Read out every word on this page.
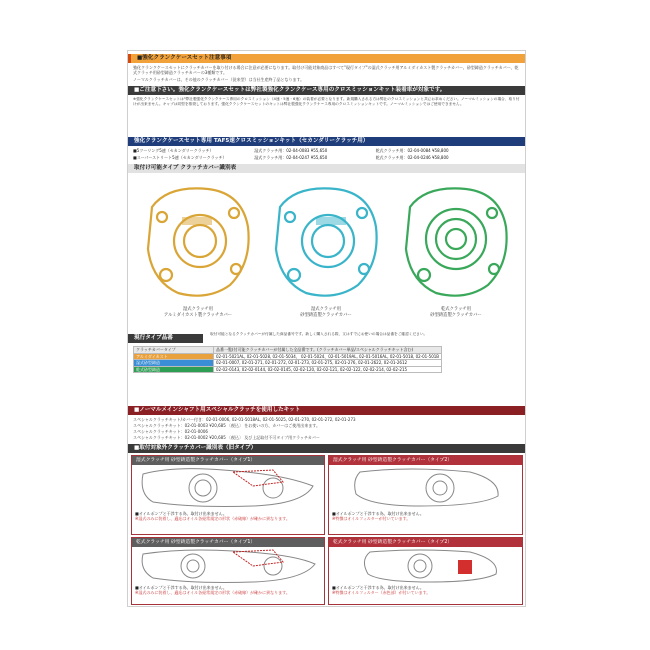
■強化クランクケースセット注意事項
強化クランクケースセットにクラッチカバーを取り付ける場合に注意が必要になります。取付け可能対象商品はすべて"現行タイプ"の湿式クラッチ用アルミダイカスト製クラッチカバー、砂型鋳造クラッチカバー、乾式クラッチ用砂型鋳造クラッチカバーの3種類です。
ノーマルクラッチカバーは、その他のクラッチカバー（従来型）は当社生産終了品となります。
■ご注意下さい。強化クランクケースセットは弊社製強化クランクケース専用のクロスミッションキット装着車が対象です。
※強化クランクケースセットは"弊社製強化クランクケース専用のクロスミッション（4速・5速・6速）の装着が必要となります。新規購入される方は弊社のクロスミッションと共にお求めください。ノーマルミッションの場合、取り付けが出来ません。キャブは同型を推奨しております。強化クランクケースセットのキットは弊社製強化クランクケース専用のクロスミッションキットです。ノーマルミッションではご使用できません。
強化クランクケースセット専用 TAF5速クロスミッションキット（セカンダリークラッチ用）
■5ツーリング5速（セカンダリークラッチ）	湿式クラッチ用：02-04-0083 ¥55,650	乾式クラッチ用：02-04-0084 ¥58,800
■スーパーストリート5速（セカンダリークラッチ）	湿式クラッチ用：02-04-0247 ¥55,650	乾式クラッチ用：02-04-0246 ¥58,800
取付け可能タイプ クラッチカバー識別表
湿式クラッチ用
アルミダイカスト製クラッチカバー
湿式クラッチ用
砂型鋳造製クラッチカバー
乾式クラッチ用
砂型鋳造製クラッチカバー
現行タイプ品番
取付可能となるクラッチカバーが付属した商品番号です。新しく購入される際、又はすでにお使いの場合は品番をご確認ください。
クラッチカバータイプ	品番一覧(付可能クラッチカバーが付属した全品番です。(クラッチカバー単品/スペシャルクラッチキット含む)
アルミダイカスト	02-01-5021AL, 02-01-5028, 02-01-5034、 02-01-5024、02-01-5019AL, 02-01-5016AL, 02-01-5018, 02-01-501B
湿式砂型鋳造	02-01-0007, 02-01-271, 02-01-272, 02-01-273, 02-01-275, 02-01-276, 02-01-2622, 02-01-2612
乾式砂型鋳造	02-02-0143, 02-02-0144, 02-02-0145, 02-02-120, 02-02-121, 02-02-122, 02-02-214, 02-02-215
■ノーマルメインシャフト用スペシャルクラッチを使用したキット
スペシャルクラッチキット/カバー付き：02-01-0006, 02-01-5018AL, 02-01-5025, 02-01-270, 02-01-272, 02-01-273
スペシャルクラッチキット：02-01-0003 ¥20,685 〔税込〕 をお使いの方、カバーはご使用出来ます。
スペシャルクラッチキット：02-01-0006
スペシャルクラッチキット：02-01-0002 ¥20,685 〔税込〕 及び上記取付不可タイプ用クラッチカバー
■取付対象外クラッチカバー識別表（旧タイプ）
湿式クラッチ用 砂型鋳造製クラッチカバー（タイプ1）
■オイルポンプと干渉する為、取付け出来ません。
※湿式のみに装着し、適応はオイル各経常規定の形状（赤破線）が確かに異なります。
湿式クラッチ用 砂型鋳造製クラッチカバー（タイプ2）
■オイルポンプと干渉する為、取付け出来ません。
※特徴はオイルフィルターが付いています。
乾式クラッチ用 砂型鋳造製クラッチカバー（タイプ1）
■オイルポンプと干渉する為、取付け出来ません。
※湿式のみに装着し、適応はオイル各経常規定の形状（赤破線）が確かに異なります。
乾式クラッチ用 砂型鋳造製クラッチカバー（タイプ2）
■オイルポンプと干渉する為、取付け出来ません。
※特徴はオイルフィルター（赤色部）が付いています。
